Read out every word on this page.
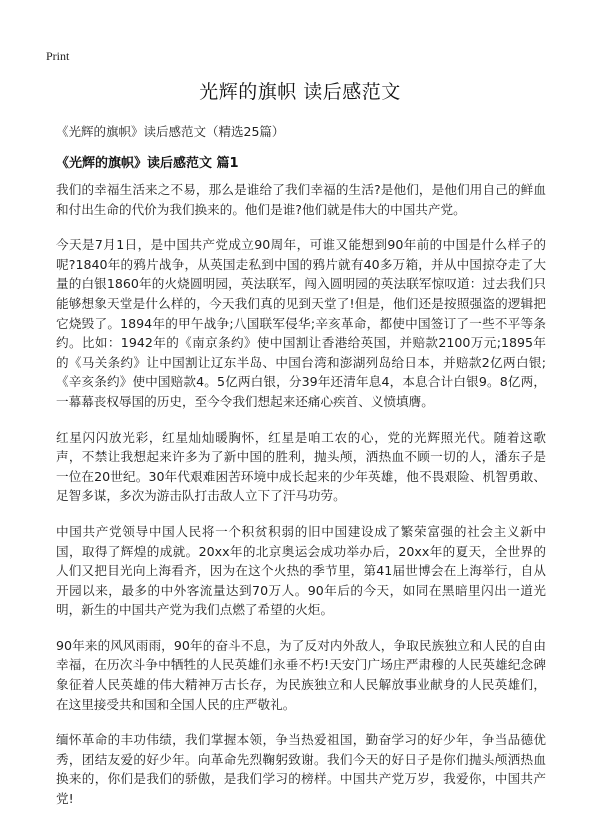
Print
光辉的旗帜 读后感范文
《光辉的旗帜》读后感范文（精选25篇）
《光辉的旗帜》读后感范文 篇1

我们的幸福生活来之不易，那么是谁给了我们幸福的生活?是他们，是他们用自己的鲜血和付出生命的代价为我们换来的。他们是谁?他们就是伟大的中国共产党。

今天是7月1日，是中国共产党成立90周年，可谁又能想到90年前的中国是什么样子的呢?1840年的鸦片战争，从英国走私到中国的鸦片就有40多万箱，并从中国掠夺走了大量的白银1860年的火烧圆明园，英法联军，闯入圆明园的英法联军惊叹道：过去我们只能够想象天堂是什么样的，今天我们真的见到天堂了!但是，他们还是按照强盗的逻辑把它烧毁了。1894年的甲午战争;八国联军侵华;辛亥革命，都使中国签订了一些不平等条约。比如：1942年的《南京条约》使中国割让香港给英国，并赔款2100万元;1895年的《马关条约》让中国割让辽东半岛、中国台湾和澎湖列岛给日本，并赔款2亿两白银;《辛亥条约》使中国赔款4。5亿两白银，分39年还清年息4，本息合计白银9。8亿两，一幕幕丧权辱国的历史，至今令我们想起来还痛心疾首、义愤填膺。

红星闪闪放光彩，红星灿灿暖胸怀，红星是咱工农的心，党的光辉照光代。随着这歌声，不禁让我想起来许多为了新中国的胜利，抛头颅，洒热血不顾一切的人，潘东子是一位在20世纪。30年代艰难困苦环境中成长起来的少年英雄，他不畏艰险、机智勇敢、足智多谋，多次为游击队打击敌人立下了汗马功劳。

中国共产党领导中国人民将一个积贫积弱的旧中国建设成了繁荣富强的社会主义新中国，取得了辉煌的成就。20xx年的北京奥运会成功举办后，20xx年的夏天，全世界的人们又把目光向上海看齐，因为在这个火热的季节里，第41届世博会在上海举行，自从开园以来，最多的中外客流量达到70万人。90年后的今天，如同在黑暗里闪出一道光明，新生的中国共产党为我们点燃了希望的火炬。

90年来的风风雨雨，90年的奋斗不息，为了反对内外敌人，争取民族独立和人民的自由幸福，在历次斗争中牺牲的人民英雄们永垂不朽!天安门广场庄严肃穆的人民英雄纪念碑象征着人民英雄的伟大精神万古长存，为民族独立和人民解放事业献身的人民英雄们，在这里接受共和国和全国人民的庄严敬礼。

缅怀革命的丰功伟绩，我们掌握本领，争当热爱祖国，勤奋学习的好少年，争当品德优秀，团结友爱的好少年。向革命先烈鞠躬致谢。我们今天的好日子是你们抛头颅洒热血换来的，你们是我们的骄傲，是我们学习的榜样。中国共产党万岁，我爱你，中国共产党!
